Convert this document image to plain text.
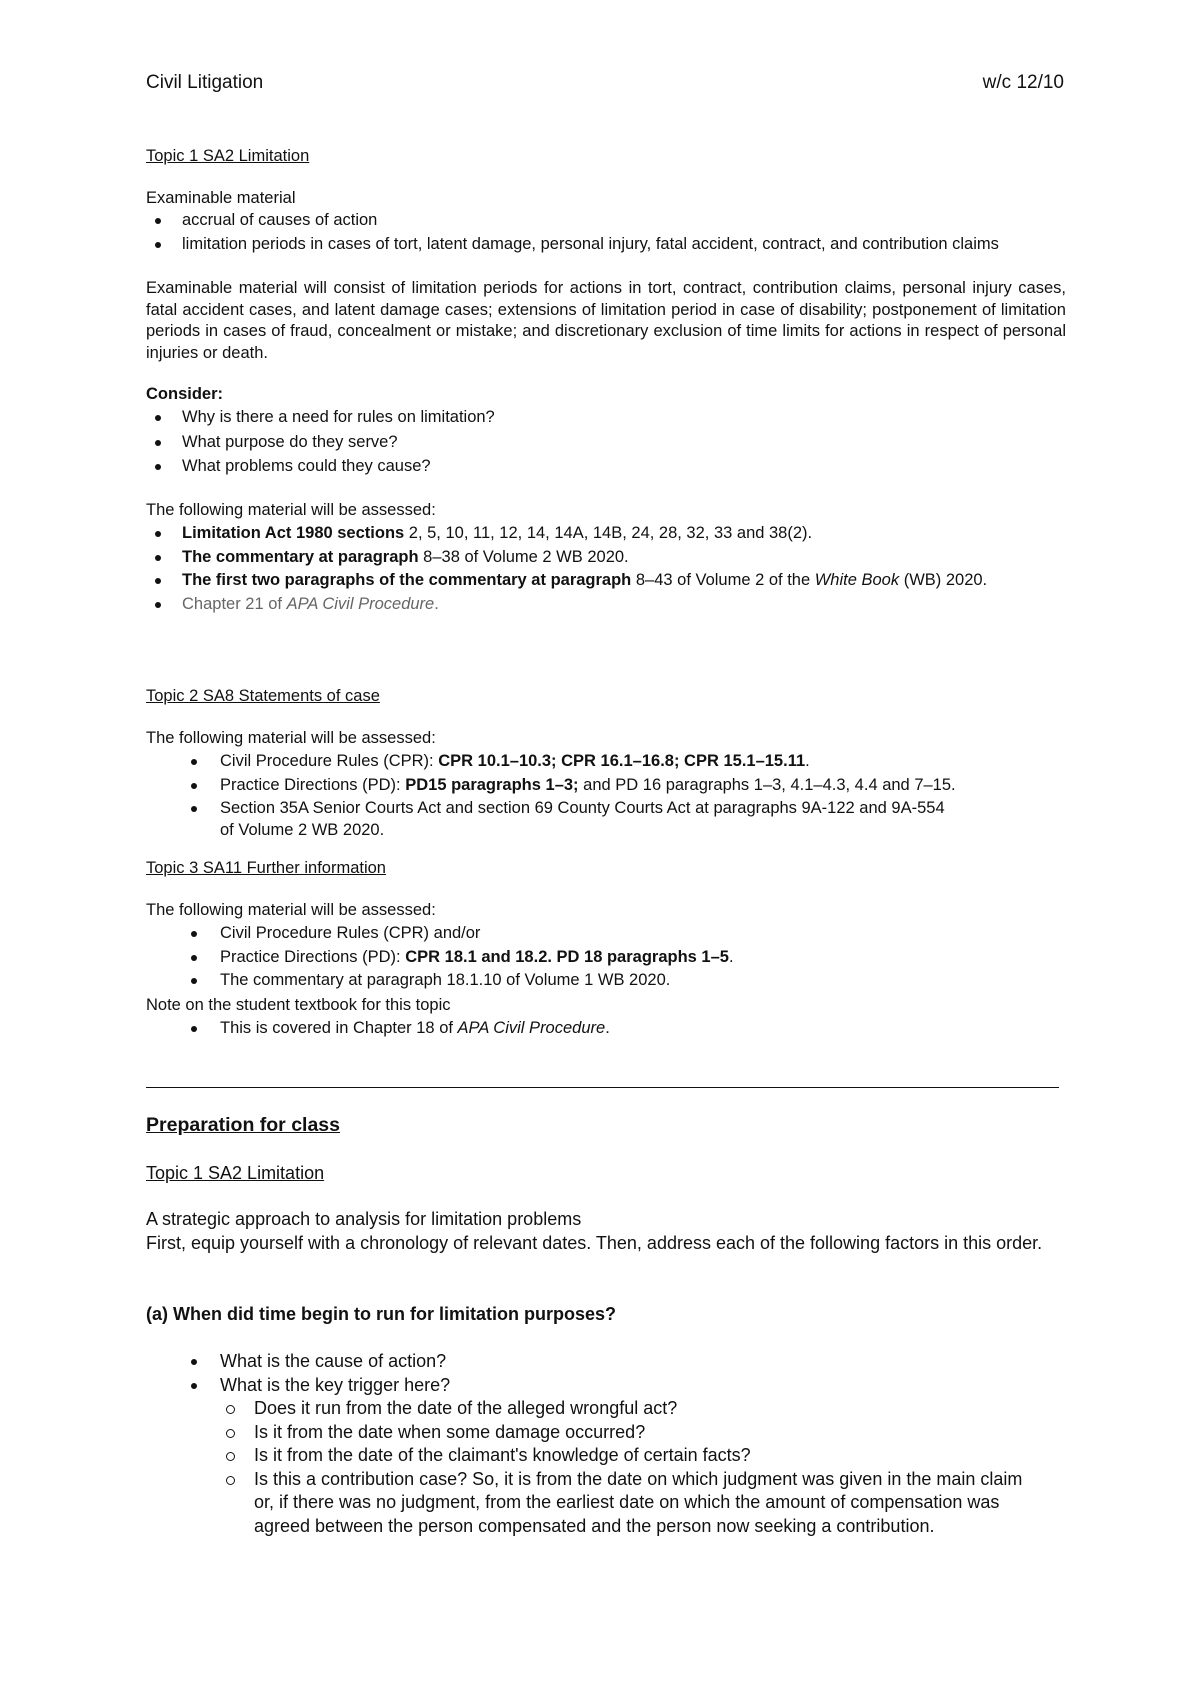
Civil Litigation	w/c 12/10
Topic 1 SA2 Limitation
Examinable material
accrual of causes of action
limitation periods in cases of tort, latent damage, personal injury, fatal accident, contract, and contribution claims

Examinable material will consist of limitation periods for actions in tort, contract, contribution claims, personal injury cases, fatal accident cases, and latent damage cases; extensions of limitation period in case of disability; postponement of limitation periods in cases of fraud, concealment or mistake; and discretionary exclusion of time limits for actions in respect of personal injuries or death.

Consider:
Why is there a need for rules on limitation?
What purpose do they serve?
What problems could they cause?
The following material will be assessed:
Limitation Act 1980 sections 2, 5, 10, 11, 12, 14, 14A, 14B, 24, 28, 32, 33 and 38(2).
The commentary at paragraph 8–38 of Volume 2 WB 2020.
The first two paragraphs of the commentary at paragraph 8–43 of Volume 2 of the White Book (WB) 2020.
Chapter 21 of APA Civil Procedure.
Topic 2 SA8 Statements of case
The following material will be assessed:
Civil Procedure Rules (CPR): CPR 10.1–10.3; CPR 16.1–16.8; CPR 15.1–15.11.
Practice Directions (PD): PD15 paragraphs 1–3; and PD 16 paragraphs 1–3, 4.1–4.3, 4.4 and 7–15.
Section 35A Senior Courts Act and section 69 County Courts Act at paragraphs 9A-122 and 9A-554 of Volume 2 WB 2020.
Topic 3 SA11 Further information
The following material will be assessed:
Civil Procedure Rules (CPR) and/or
Practice Directions (PD): CPR 18.1 and 18.2. PD 18 paragraphs 1–5.
The commentary at paragraph 18.1.10 of Volume 1 WB 2020.
Note on the student textbook for this topic
This is covered in Chapter 18 of APA Civil Procedure.
Preparation for class
Topic 1 SA2 Limitation
A strategic approach to analysis for limitation problems

First, equip yourself with a chronology of relevant dates. Then, address each of the following factors in this order.

(a) When did time begin to run for limitation purposes?
What is the cause of action?
What is the key trigger here?
Does it run from the date of the alleged wrongful act?
Is it from the date when some damage occurred?
Is it from the date of the claimant's knowledge of certain facts?
Is this a contribution case? So, it is from the date on which judgment was given in the main claim or, if there was no judgment, from the earliest date on which the amount of compensation was agreed between the person compensated and the person now seeking a contribution.
